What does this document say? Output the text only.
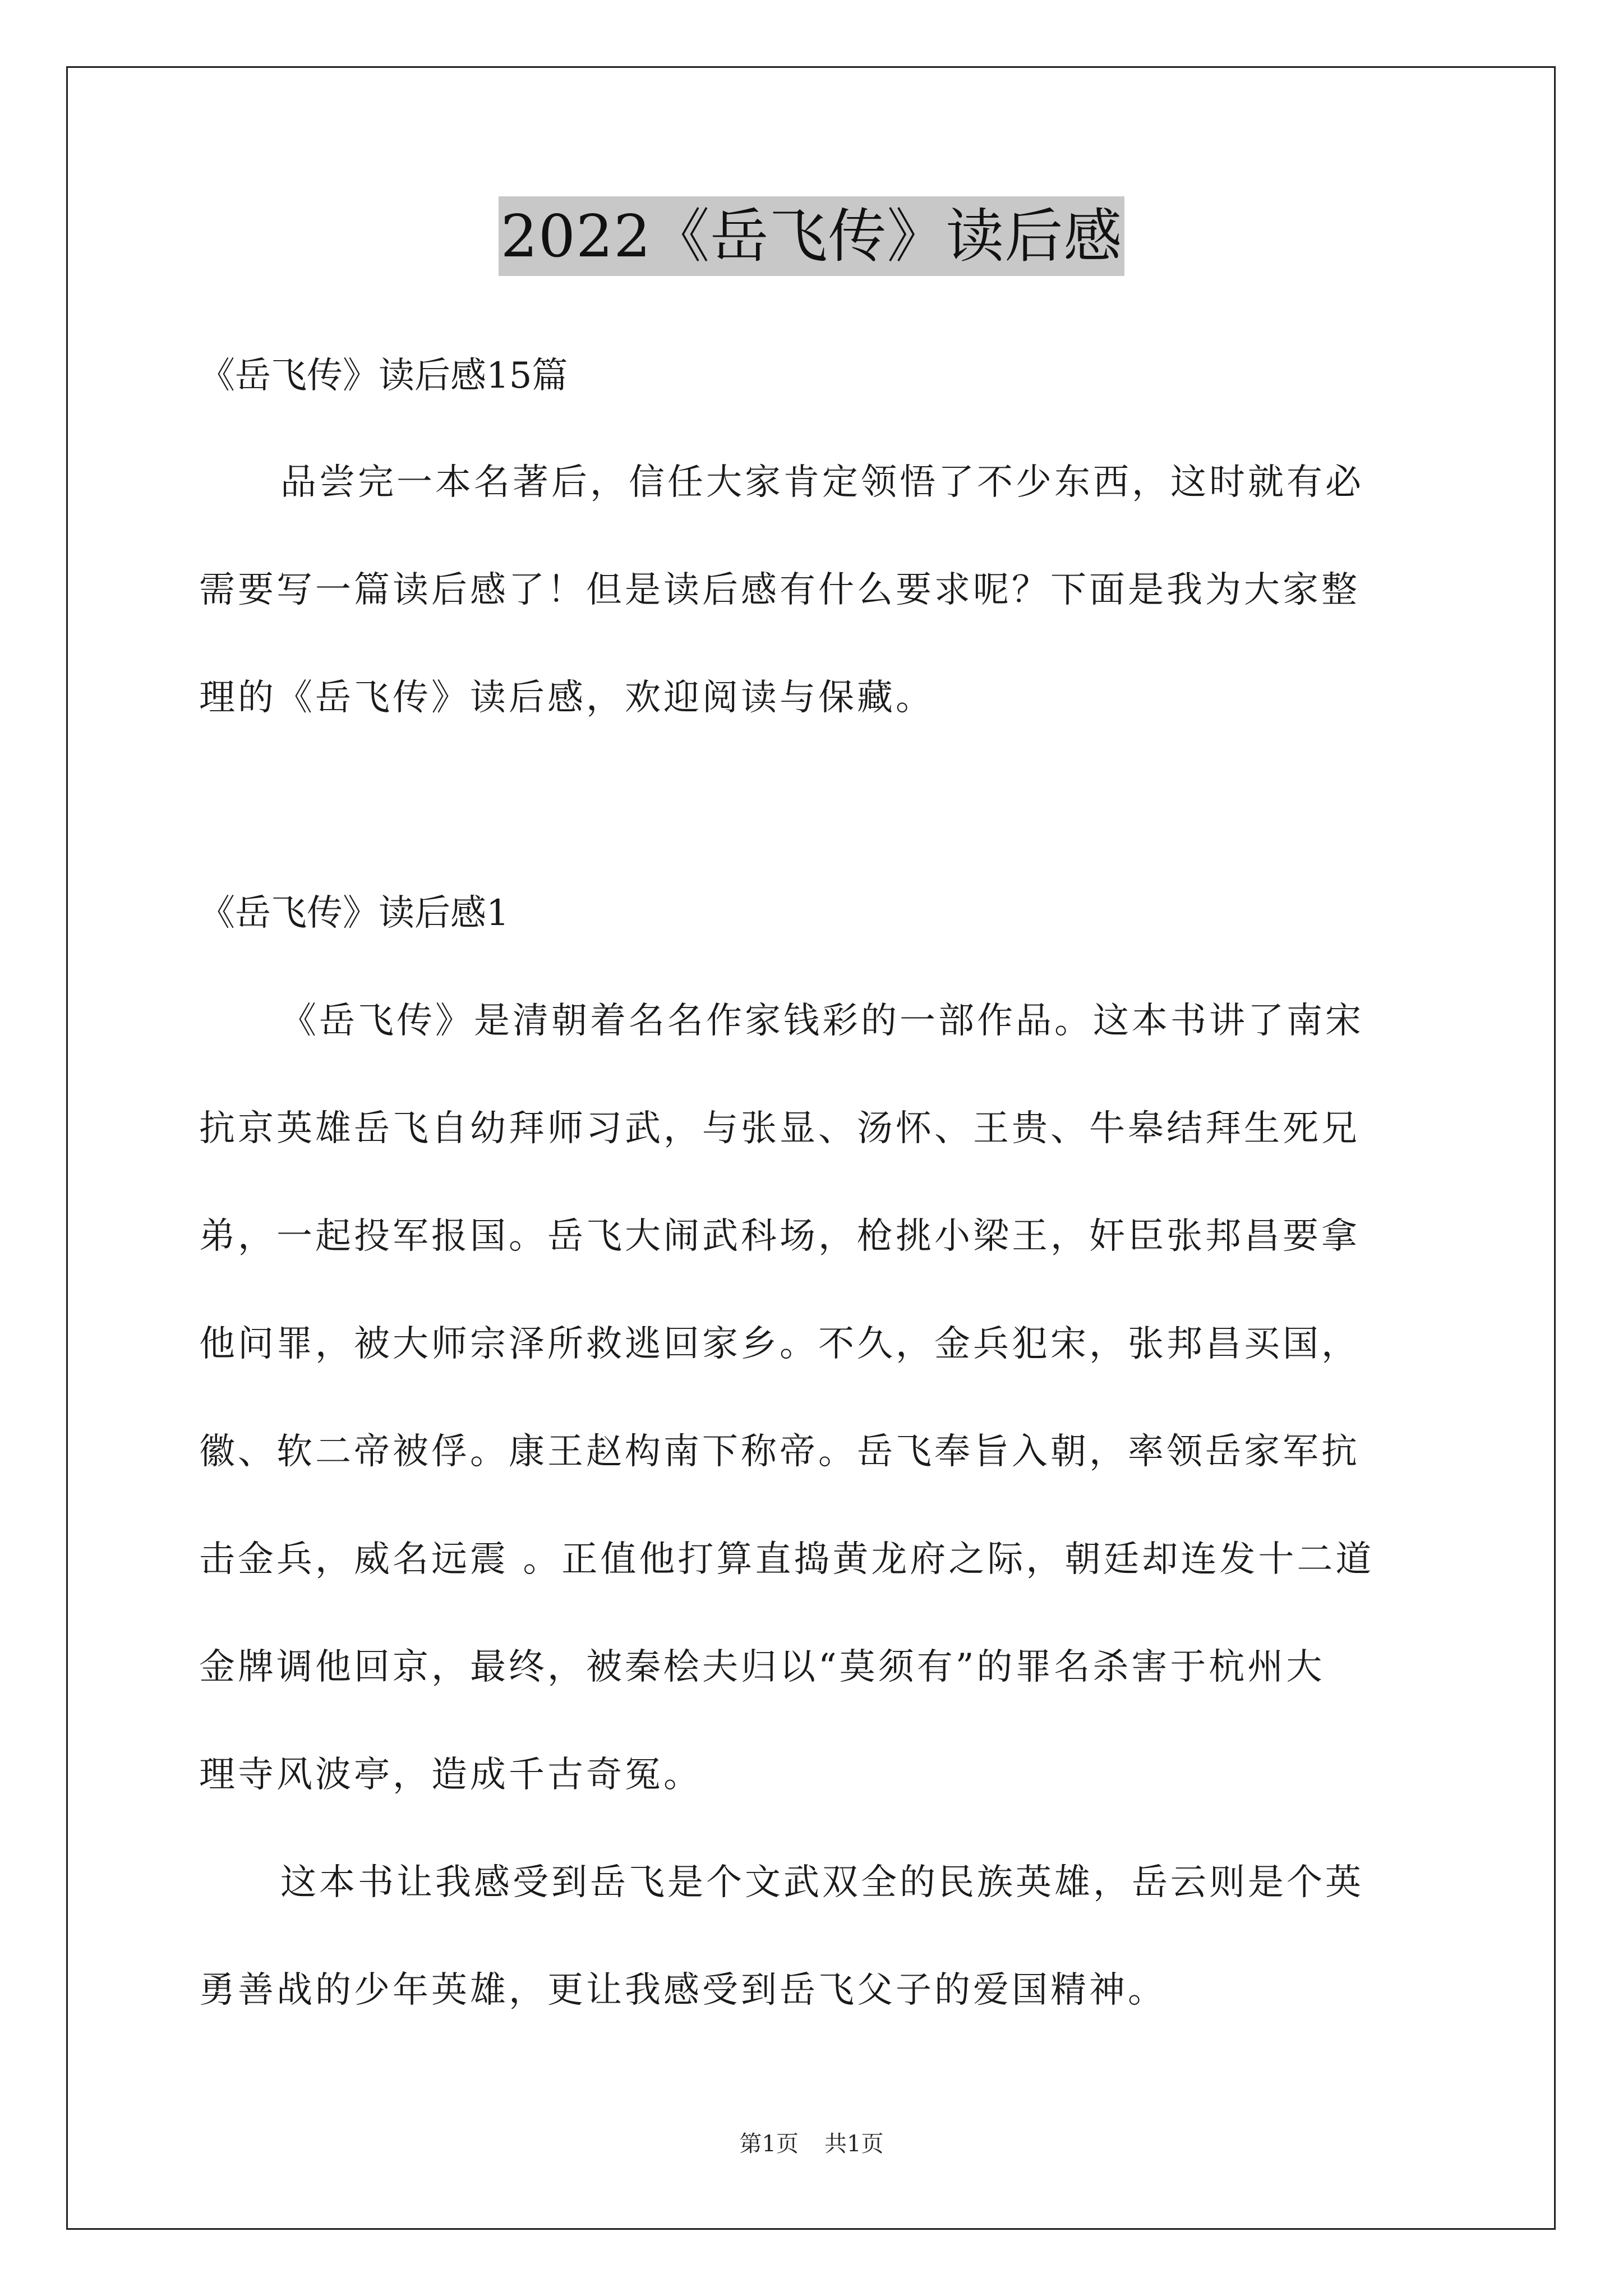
2022《岳飞传》读后感
《岳飞传》读后感15篇
品尝完一本名著后，信任大家肯定领悟了不少东西，这时就有必
需要写一篇读后感了！但是读后感有什么要求呢？下面是我为大家整
理的《岳飞传》读后感，欢迎阅读与保藏。
《岳飞传》读后感1
《岳飞传》是清朝着名名作家钱彩的一部作品。这本书讲了南宋
抗京英雄岳飞自幼拜师习武，与张显、汤怀、王贵、牛皋结拜生死兄
弟，一起投军报国。岳飞大闹武科场，枪挑小梁王，奸臣张邦昌要拿
他问罪，被大师宗泽所救逃回家乡。不久，金兵犯宋，张邦昌买国，
徽、软二帝被俘。康王赵构南下称帝。岳飞奉旨入朝，率领岳家军抗
击金兵，威名远震 。正值他打算直捣黄龙府之际，朝廷却连发十二道
金牌调他回京，最终，被秦桧夫归以“莫须有”的罪名杀害于杭州大
理寺风波亭，造成千古奇冤。
这本书让我感受到岳飞是个文武双全的民族英雄，岳云则是个英
勇善战的少年英雄，更让我感受到岳飞父子的爱国精神。
第1页 共1页
